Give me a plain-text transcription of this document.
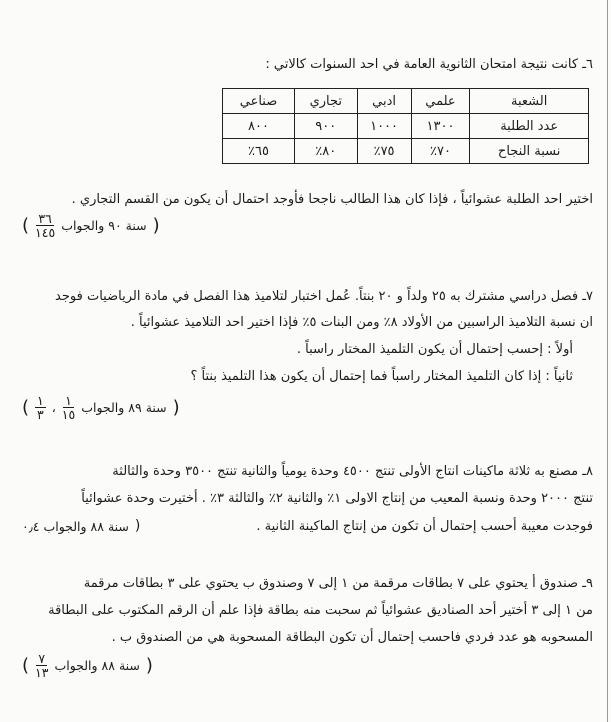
٦ـ كانت نتيجة امتحان الثانوية العامة في احد السنوات كالاتي :
الشعبة	علمي	ادبي	تجاري	صناعي
عدد الطلبة	١٣٠٠	١٠٠٠	٩٠٠	٨٠٠
نسبة النجاح	٧٠٪	٧٥٪	٨٠٪	٦٥٪
اختير احد الطلبة عشوائياً ، فإذا كان هذا الطالب ناجحا فأوجد احتمال أن يكون من القسم التجاري .
(
سنة ٩٠ والجواب
$\frac{٣٦}{١٤٥}$
)
٧ـ فصل دراسي مشترك به ٢٥ ولداً و ٢٠ بنتاً. عُمل اختبار لتلاميذ هذا الفصل في مادة الرياضيات فوجد
ان نسبة التلاميذ الراسبين من الأولاد ٨٪ ومن البنات ٥٪ فإذا اختير احد التلاميذ عشوائياً .
أولاً : إحسب إحتمال أن يكون التلميذ المختار راسباً .
ثانياً : إذا كان التلميذ المختار راسباً فما إحتمال أن يكون هذا التلميذ بنتاً ؟
(
سنة ٨٩ والجواب
$\frac{١}{١٥}$
،
$\frac{١}{٣}$
)
٨ـ مصنع به ثلاثة ماكينات انتاج الأولى تنتج ٤٥٠٠ وحدة يومياً والثانية تنتج ٣٥٠٠ وحدة والثالثة
تنتج ٢٠٠٠ وحدة ونسبة المعيب من إنتاج الاولى ١٪ والثانية ٢٪ والثالثة ٣٪ . أختيرت وحدة عشوائياً
فوجدت معيبة أحسب إحتمال أن تكون من إنتاج الماكينة الثانية .
(
سنة ٨٨ والجواب ٠٫٤
٩ـ صندوق أ يحتوي على ٧ بطاقات مرقمة من ١ إلى ٧ وصندوق ب يحتوي على ٣ بطاقات مرقمة
من ١ إلى ٣ أختير أحد الصناديق عشوائياً ثم سحبت منه بطاقة فإذا علم أن الرقم المكتوب على البطاقة
المسحوبه هو عدد فردي فاحسب إحتمال أن تكون البطاقة المسحوبة هي من الصندوق ب .
(
سنة ٨٨ والجواب
$\frac{٧}{١٣}$
)
